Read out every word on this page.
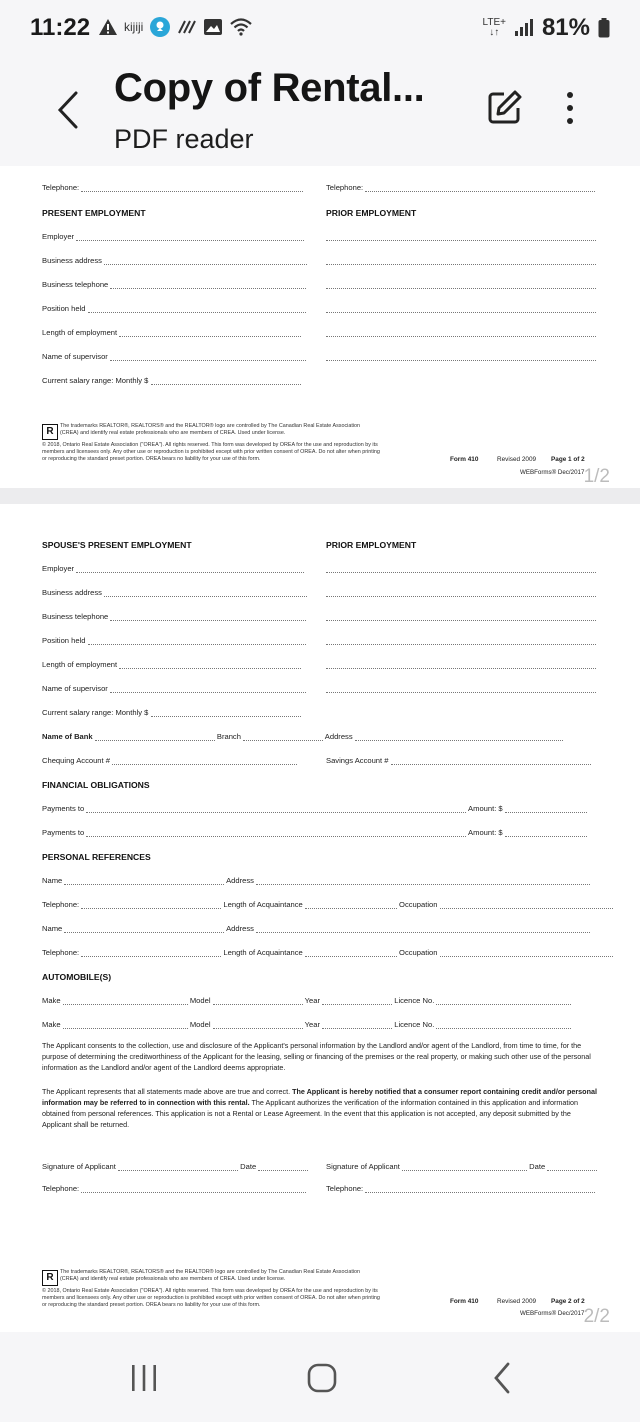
11:22	kijiji	LTE+
↓↑ 81%
Copy of Rental...
PDF reader
Telephone:	Telephone:
PRESENT EMPLOYMENT	PRIOR EMPLOYMENT
Employer
Business address
Business telephone
Position held
Length of employment
Name of supervisor
Current salary range: Monthly $
R	The trademarks REALTOR®, REALTORS® and the REALTOR® logo are controlled by The Canadian Real Estate Association (CREA) and identify real estate professionals who are members of CREA. Used under license.
© 2018, Ontario Real Estate Association ("OREA"). All rights reserved. This form was developed by OREA for the use and reproduction by its members and licensees only. Any other use or reproduction is prohibited except with prior written consent of OREA. Do not alter when printing or reproducing the standard preset portion. OREA bears no liability for your use of this form.	Form 410	Revised 2009 Page 1 of 2
WEBForms® Dec/2017 1/2
SPOUSE'S PRESENT EMPLOYMENT	PRIOR EMPLOYMENT
Employer
Business address
Business telephone
Position held
Length of employment
Name of supervisor
Current salary range: Monthly $
Name of Bank	Branch	Address
Chequing Account #	Savings Account #
FINANCIAL OBLIGATIONS
Payments to	Amount: $
Payments to	Amount: $
PERSONAL REFERENCES
Name	Address
Telephone:	Length of Acquaintance	Occupation
Name	Address
Telephone:	Length of Acquaintance	Occupation
AUTOMOBILE(S)
Make	Model	Year	Licence No.
Make	Model	Year	Licence No.
The Applicant consents to the collection, use and disclosure of the Applicant's personal information by the Landlord and/or agent of the Landlord, from time to time, for the purpose of determining the creditworthiness of the Applicant for the leasing, selling or financing of the premises or the real property, or making such other use of the personal information as the Landlord and/or agent of the Landlord deems appropriate.
The Applicant represents that all statements made above are true and correct. The Applicant is hereby notified that a consumer report containing credit and/or personal information may be referred to in connection with this rental. The Applicant authorizes the verification of the information contained in this application and information obtained from personal references. This application is not a Rental or Lease Agreement. In the event that this application is not accepted, any deposit submitted by the Applicant shall be returned.
Signature of Applicant	Date	Signature of Applicant	Date
Telephone:	Telephone:
R	The trademarks REALTOR®, REALTORS® and the REALTOR® logo are controlled by The Canadian Real Estate Association (CREA) and identify real estate professionals who are members of CREA. Used under license.
© 2018, Ontario Real Estate Association ("OREA"). All rights reserved. This form was developed by OREA for the use and reproduction by its members and licensees only. Any other use or reproduction is prohibited except with prior written consent of OREA. Do not alter when printing or reproducing the standard preset portion. OREA bears no liability for your use of this form.	Form 410	Revised 2009 Page 2 of 2
WEBForms® Dec/2017 2/2
